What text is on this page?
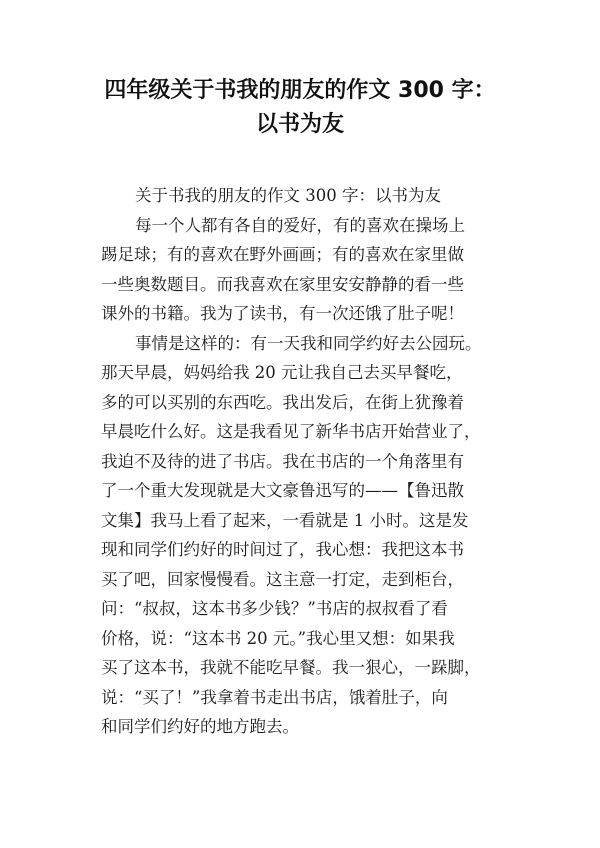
四年级关于书我的朋友的作文 300 字：
以书为友
关于书我的朋友的作文 300 字：以书为友
每一个人都有各自的爱好，有的喜欢在操场上
踢足球；有的喜欢在野外画画；有的喜欢在家里做
一些奥数题目。而我喜欢在家里安安静静的看一些
课外的书籍。我为了读书，有一次还饿了肚子呢！
事情是这样的：有一天我和同学约好去公园玩。
那天早晨，妈妈给我 20 元让我自己去买早餐吃，
多的可以买别的东西吃。我出发后，在街上犹豫着
早晨吃什么好。这是我看见了新华书店开始营业了，
我迫不及待的进了书店。我在书店的一个角落里有
了一个重大发现就是大文豪鲁迅写的——【鲁迅散
文集】我马上看了起来，一看就是 1 小时。这是发
现和同学们约好的时间过了，我心想：我把这本书
买了吧，回家慢慢看。这主意一打定，走到柜台，
问：“叔叔，这本书多少钱？”书店的叔叔看了看
价格，说：“这本书 20 元。”我心里又想：如果我
买了这本书，我就不能吃早餐。我一狠心，一跺脚，
说：“买了！”我拿着书走出书店，饿着肚子，向
和同学们约好的地方跑去。
